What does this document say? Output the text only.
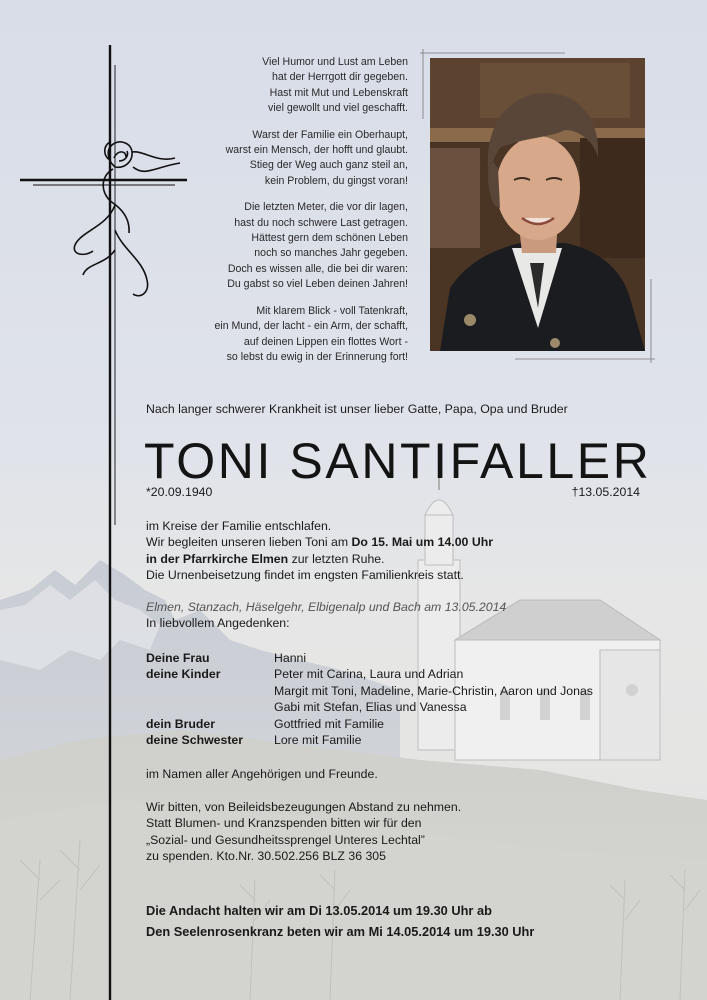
Viel Humor und Lust am Leben
hat der Herrgott dir gegeben.
Hast mit Mut und Lebenskraft
viel gewollt und viel geschafft.
Warst der Familie ein Oberhaupt,
warst ein Mensch, der hofft und glaubt.
Stieg der Weg auch ganz steil an,
kein Problem, du gingst voran!
Die letzten Meter, die vor dir lagen,
hast du noch schwere Last getragen.
Hättest gern dem schönen Leben
noch so manches Jahr gegeben.
Doch es wissen alle, die bei dir waren:
Du gabst so viel Leben deinen Jahren!
Mit klarem Blick - voll Tatenkraft,
ein Mund, der lacht - ein Arm, der schafft,
auf deinen Lippen ein flottes Wort -
so lebst du ewig in der Erinnerung fort!
Nach langer schwerer Krankheit ist unser lieber Gatte, Papa, Opa und Bruder
TONI SANTIFALLER
*20.09.1940	†13.05.2014
im Kreise der Familie entschlafen.
Wir begleiten unseren lieben Toni am Do 15. Mai um 14.00 Uhr
in der Pfarrkirche Elmen zur letzten Ruhe.
Die Urnenbeisetzung findet im engsten Familienkreis statt.
Elmen, Stanzach, Häselgehr, Elbigenalp und Bach am 13.05.2014
In liebvollem Angedenken:
Deine Frau	Hanni
deine Kinder	Peter mit Carina, Laura und Adrian
Margit mit Toni, Madeline, Marie-Christin, Aaron und Jonas
Gabi mit Stefan, Elias und Vanessa
dein Bruder	Gottfried mit Familie
deine Schwester	Lore mit Familie
im Namen aller Angehörigen und Freunde.
Wir bitten, von Beileidsbezeugungen Abstand zu nehmen.
Statt Blumen- und Kranzspenden bitten wir für den
„Sozial- und Gesundheitssprengel Unteres Lechtal”
zu spenden. Kto.Nr. 30.502.256 BLZ 36 305
Die Andacht halten wir am Di 13.05.2014 um 19.30 Uhr ab
Den Seelenrosenkranz beten wir am Mi 14.05.2014 um 19.30 Uhr
